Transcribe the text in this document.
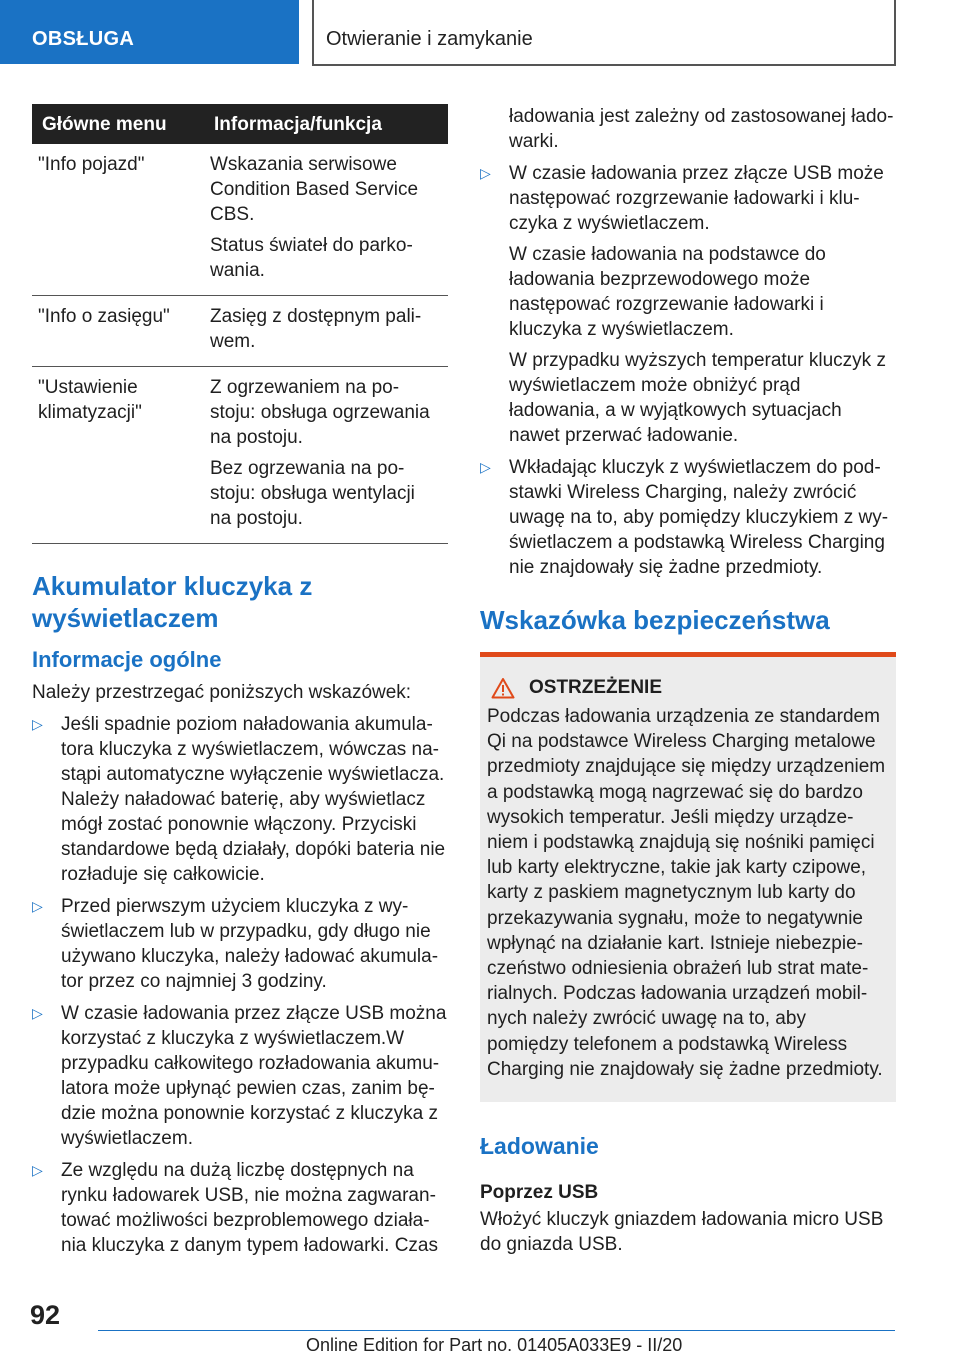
OBSŁUGA	Otwieranie i zamykanie
Główne menu	Informacja/funkcja
"Info pojazd"	Wskazania serwisowe Condition Based Service CBS.

Status świateł do parkowania.

"Info o zasięgu"	Zasięg z dostępnym paliwem.

"Ustawienie klimatyzacji"	Z ogrzewaniem na postoju: obsługa ogrzewania na postoju.

Bez ogrzewania na postoju: obsługa wentylacji na postoju.

Akumulator kluczyka z wyświetlaczem
Informacje ogólne
Należy przestrzegać poniższych wskazówek:
▷ Jeśli spadnie poziom naładowania akumulatora kluczyka z wyświetlaczem, wówczas nastąpi automatyczne wyłączenie wyświetlacza. Należy naładować baterię, aby wyświetlacz mógł zostać ponownie włączony. Przyciski standardowe będą działały, dopóki bateria nie rozładuje się całkowicie.

▷ Przed pierwszym użyciem kluczyka z wyświetlaczem lub w przypadku, gdy długo nie używano kluczyka, należy ładować akumulator przez co najmniej 3 godziny.

▷ W czasie ładowania przez złącze USB można korzystać z kluczyka z wyświetlaczem.W przypadku całkowitego rozładowania akumulatora może upłynąć pewien czas, zanim będzie można ponownie korzystać z kluczyka z wyświetlaczem.

▷ Ze względu na dużą liczbę dostępnych na rynku ładowarek USB, nie można zagwarantować możliwości bezproblemowego działania kluczyka z danym typem ładowarki. Czas

ładowania jest zależny od zastosowanej ładowarki.

▷ W czasie ładowania przez złącze USB może następować rozgrzewanie ładowarki i kluczyka z wyświetlaczem.

W czasie ładowania na podstawce do ładowania bezprzewodowego może następować rozgrzewanie ładowarki i kluczyka z wyświetlaczem.

W przypadku wyższych temperatur kluczyk z wyświetlaczem może obniżyć prąd ładowania, a w wyjątkowych sytuacjach nawet przerwać ładowanie.

▷ Wkładając kluczyk z wyświetlaczem do podstawki Wireless Charging, należy zwrócić uwagę na to, aby pomiędzy kluczykiem z wyświetlaczem a podstawką Wireless Charging nie znajdowały się żadne przedmioty.

Wskazówka bezpieczeństwa
OSTRZEŻENIE

Podczas ładowania urządzenia ze standardem Qi na podstawce Wireless Charging metalowe przedmioty znajdujące się między urządzeniem a podstawką mogą nagrzewać się do bardzo wysokich temperatur. Jeśli między urządzeniem i podstawką znajdują się nośniki pamięci lub karty elektryczne, takie jak karty czipowe, karty z paskiem magnetycznym lub karty do przekazywania sygnału, może to negatywnie wpłynąć na działanie kart. Istnieje niebezpieczeństwo odniesienia obrażeń lub strat materialnych. Podczas ładowania urządzeń mobilnych należy zwrócić uwagę na to, aby pomiędzy telefonem a podstawką Wireless Charging nie znajdowały się żadne przedmioty.

Ładowanie
Poprzez USB

Włożyć kluczyk gniazdem ładowania micro USB do gniazda USB.

92
Online Edition for Part no. 01405A033E9 - II/20
